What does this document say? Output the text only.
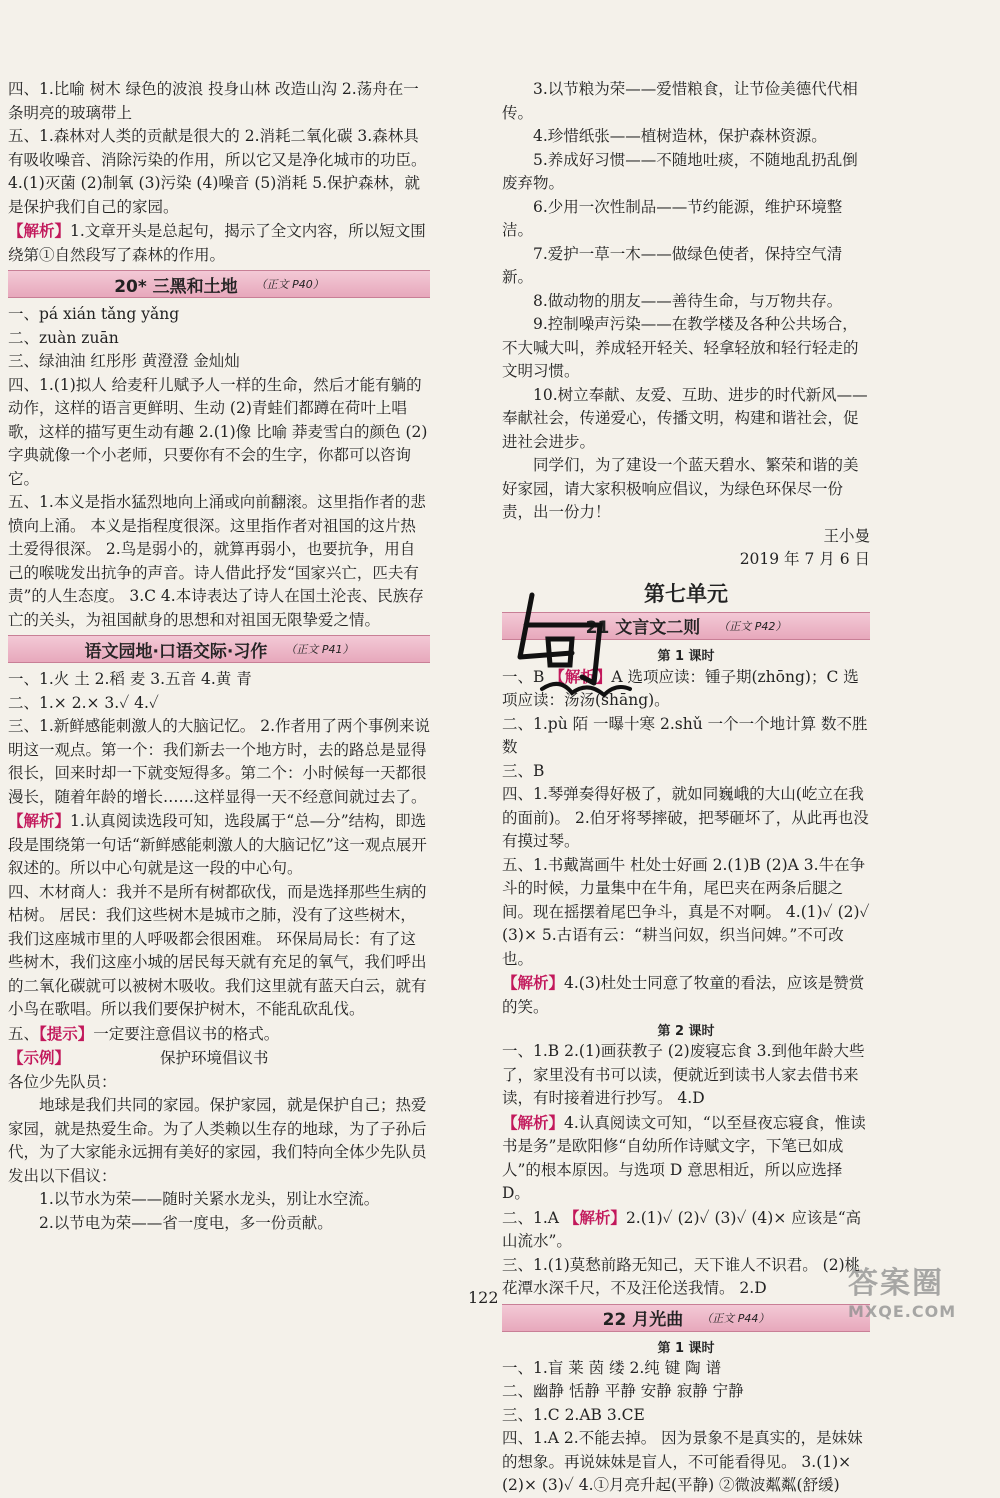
四、1.比喻 树木 绿色的波浪 投身山林 改造山沟 2.荡舟在一条明亮的玻璃带上

五、1.森林对人类的贡献是很大的 2.消耗二氧化碳 3.森林具有吸收噪音、消除污染的作用，所以它又是净化城市的功臣。 4.(1)灭菌 (2)制氧 (3)污染 (4)噪音 (5)消耗 5.保护森林，就是保护我们自己的家园。

【解析】1.文章开头是总起句，揭示了全文内容，所以短文围绕第①自然段写了森林的作用。

20* 三黑和土地 （正文 P40）

一、pá xián tǎng yǎng

二、zuàn zuān

三、绿油油 红彤彤 黄澄澄 金灿灿

四、1.(1)拟人 给麦秆儿赋予人一样的生命，然后才能有躺的动作，这样的语言更鲜明、生动 (2)青蛙们都蹲在荷叶上唱歌，这样的描写更生动有趣 2.(1)像 比喻 莽麦雪白的颜色 (2)字典就像一个小老师，只要你有不会的生字，你都可以咨询它。

五、1.本义是指水猛烈地向上涌或向前翻滚。这里指作者的悲愤向上涌。 本义是指程度很深。这里指作者对祖国的这片热土爱得很深。 2.鸟是弱小的，就算再弱小，也要抗争，用自己的喉咙发出抗争的声音。诗人借此抒发“国家兴亡，匹夫有责”的人生态度。 3.C 4.本诗表达了诗人在国土沦丧、民族存亡的关头，为祖国献身的思想和对祖国无限挚爱之情。

语文园地·口语交际·习作 （正文 P41）

一、1.火 土 2.稻 麦 3.五音 4.黄 青

二、1.× 2.× 3.✓ 4.✓

三、1.新鲜感能刺激人的大脑记忆。 2.作者用了两个事例来说明这一观点。第一个：我们新去一个地方时，去的路总是显得很长，回来时却一下就变短得多。第二个：小时候每一天都很漫长，随着年龄的增长……这样显得一天不经意间就过去了。

【解析】1.认真阅读选段可知，选段属于“总—分”结构，即选段是围绕第一句话“新鲜感能刺激人的大脑记忆”这一观点展开叙述的。所以中心句就是这一段的中心句。

四、木材商人：我并不是所有树都砍伐，而是选择那些生病的枯树。 居民：我们这些树木是城市之肺，没有了这些树木，我们这座城市里的人呼吸都会很困难。 环保局局长：有了这些树木，我们这座小城的居民每天就有充足的氧气，我们呼出的二氧化碳就可以被树木吸收。我们这里就有蓝天白云，就有小鸟在歌唱。所以我们要保护树木，不能乱砍乱伐。

五、【提示】一定要注意倡议书的格式。

【示例】	保护环境倡议书

各位少先队员：

地球是我们共同的家园。保护家园，就是保护自己；热爱家园，就是热爱生命。为了人类赖以生存的地球，为了子孙后代，为了大家能永远拥有美好的家园，我们特向全体少先队员发出以下倡议：

1.以节水为荣——随时关紧水龙头，别让水空流。

2.以节电为荣——省一度电，多一份贡献。

3.以节粮为荣——爱惜粮食，让节俭美德代代相传。

4.珍惜纸张——植树造林，保护森林资源。

5.养成好习惯——不随地吐痰，不随地乱扔乱倒废弃物。

6.少用一次性制品——节约能源，维护环境整洁。

7.爱护一草一木——做绿色使者，保持空气清新。

8.做动物的朋友——善待生命，与万物共存。

9.控制噪声污染——在教学楼及各种公共场合，不大喊大叫，养成轻开轻关、轻拿轻放和轻行轻走的文明习惯。

10.树立奉献、友爱、互助、进步的时代新风——奉献社会，传递爱心，传播文明，构建和谐社会，促进社会进步。

同学们，为了建设一个蓝天碧水、繁荣和谐的美好家园，请大家积极响应倡议，为绿色环保尽一份责，出一份力！

王小曼

2019 年 7 月 6 日

第七单元
21 文言文二则 （正文 P42）
第 1 课时

一、B 【解析】A 选项应读：锺子期(zhōng)；C 选项应读：汤汤(shāng)。

二、1.pù 陌 一曝十寒 2.shǔ 一个一个地计算 数不胜数

三、B

四、1.琴弹奏得好极了，就如同巍峨的大山(屹立在我的面前)。 2.伯牙将琴摔破，把琴砸坏了，从此再也没有摸过琴。

五、1.书戴嵩画牛 杜处士好画 2.(1)B (2)A 3.牛在争斗的时候，力量集中在牛角，尾巴夹在两条后腿之间。现在摇摆着尾巴争斗，真是不对啊。 4.(1)✓ (2)✓ (3)× 5.古语有云：“耕当问奴，织当问婢。”不可改也。

【解析】4.(3)杜处士同意了牧童的看法，应该是赞赏的笑。

第 2 课时

一、1.B 2.(1)画获教子 (2)废寝忘食 3.到他年龄大些了，家里没有书可以读，便就近到读书人家去借书来读，有时接着进行抄写。 4.D

【解析】4.认真阅读文可知，“以至昼夜忘寝食，惟读书是务”是欧阳修“自幼所作诗赋文字，下笔已如成人”的根本原因。与选项 D 意思相近，所以应选择 D。

二、1.A 【解析】2.(1)✓ (2)✓ (3)✓ (4)× 应该是“高山流水”。

三、1.(1)莫愁前路无知己，天下谁人不识君。 (2)桃花潭水深千尺，不及汪伦送我情。 2.D

22 月光曲 （正文 P44）
第 1 课时

一、1.盲 莱 茵 缕 2.纯 键 陶 谱

二、幽静 恬静 平静 安静 寂静 宁静

三、1.C 2.AB 3.CE

四、1.A 2.不能去掉。 因为景象不是真实的，是妹妹的想象。再说妹妹是盲人，不可能看得见。 3.(1)× (2)× (3)✓ 4.①月亮升起(平静) ②微波粼粼(舒缓)

122	答案圈
MXQE.COM
